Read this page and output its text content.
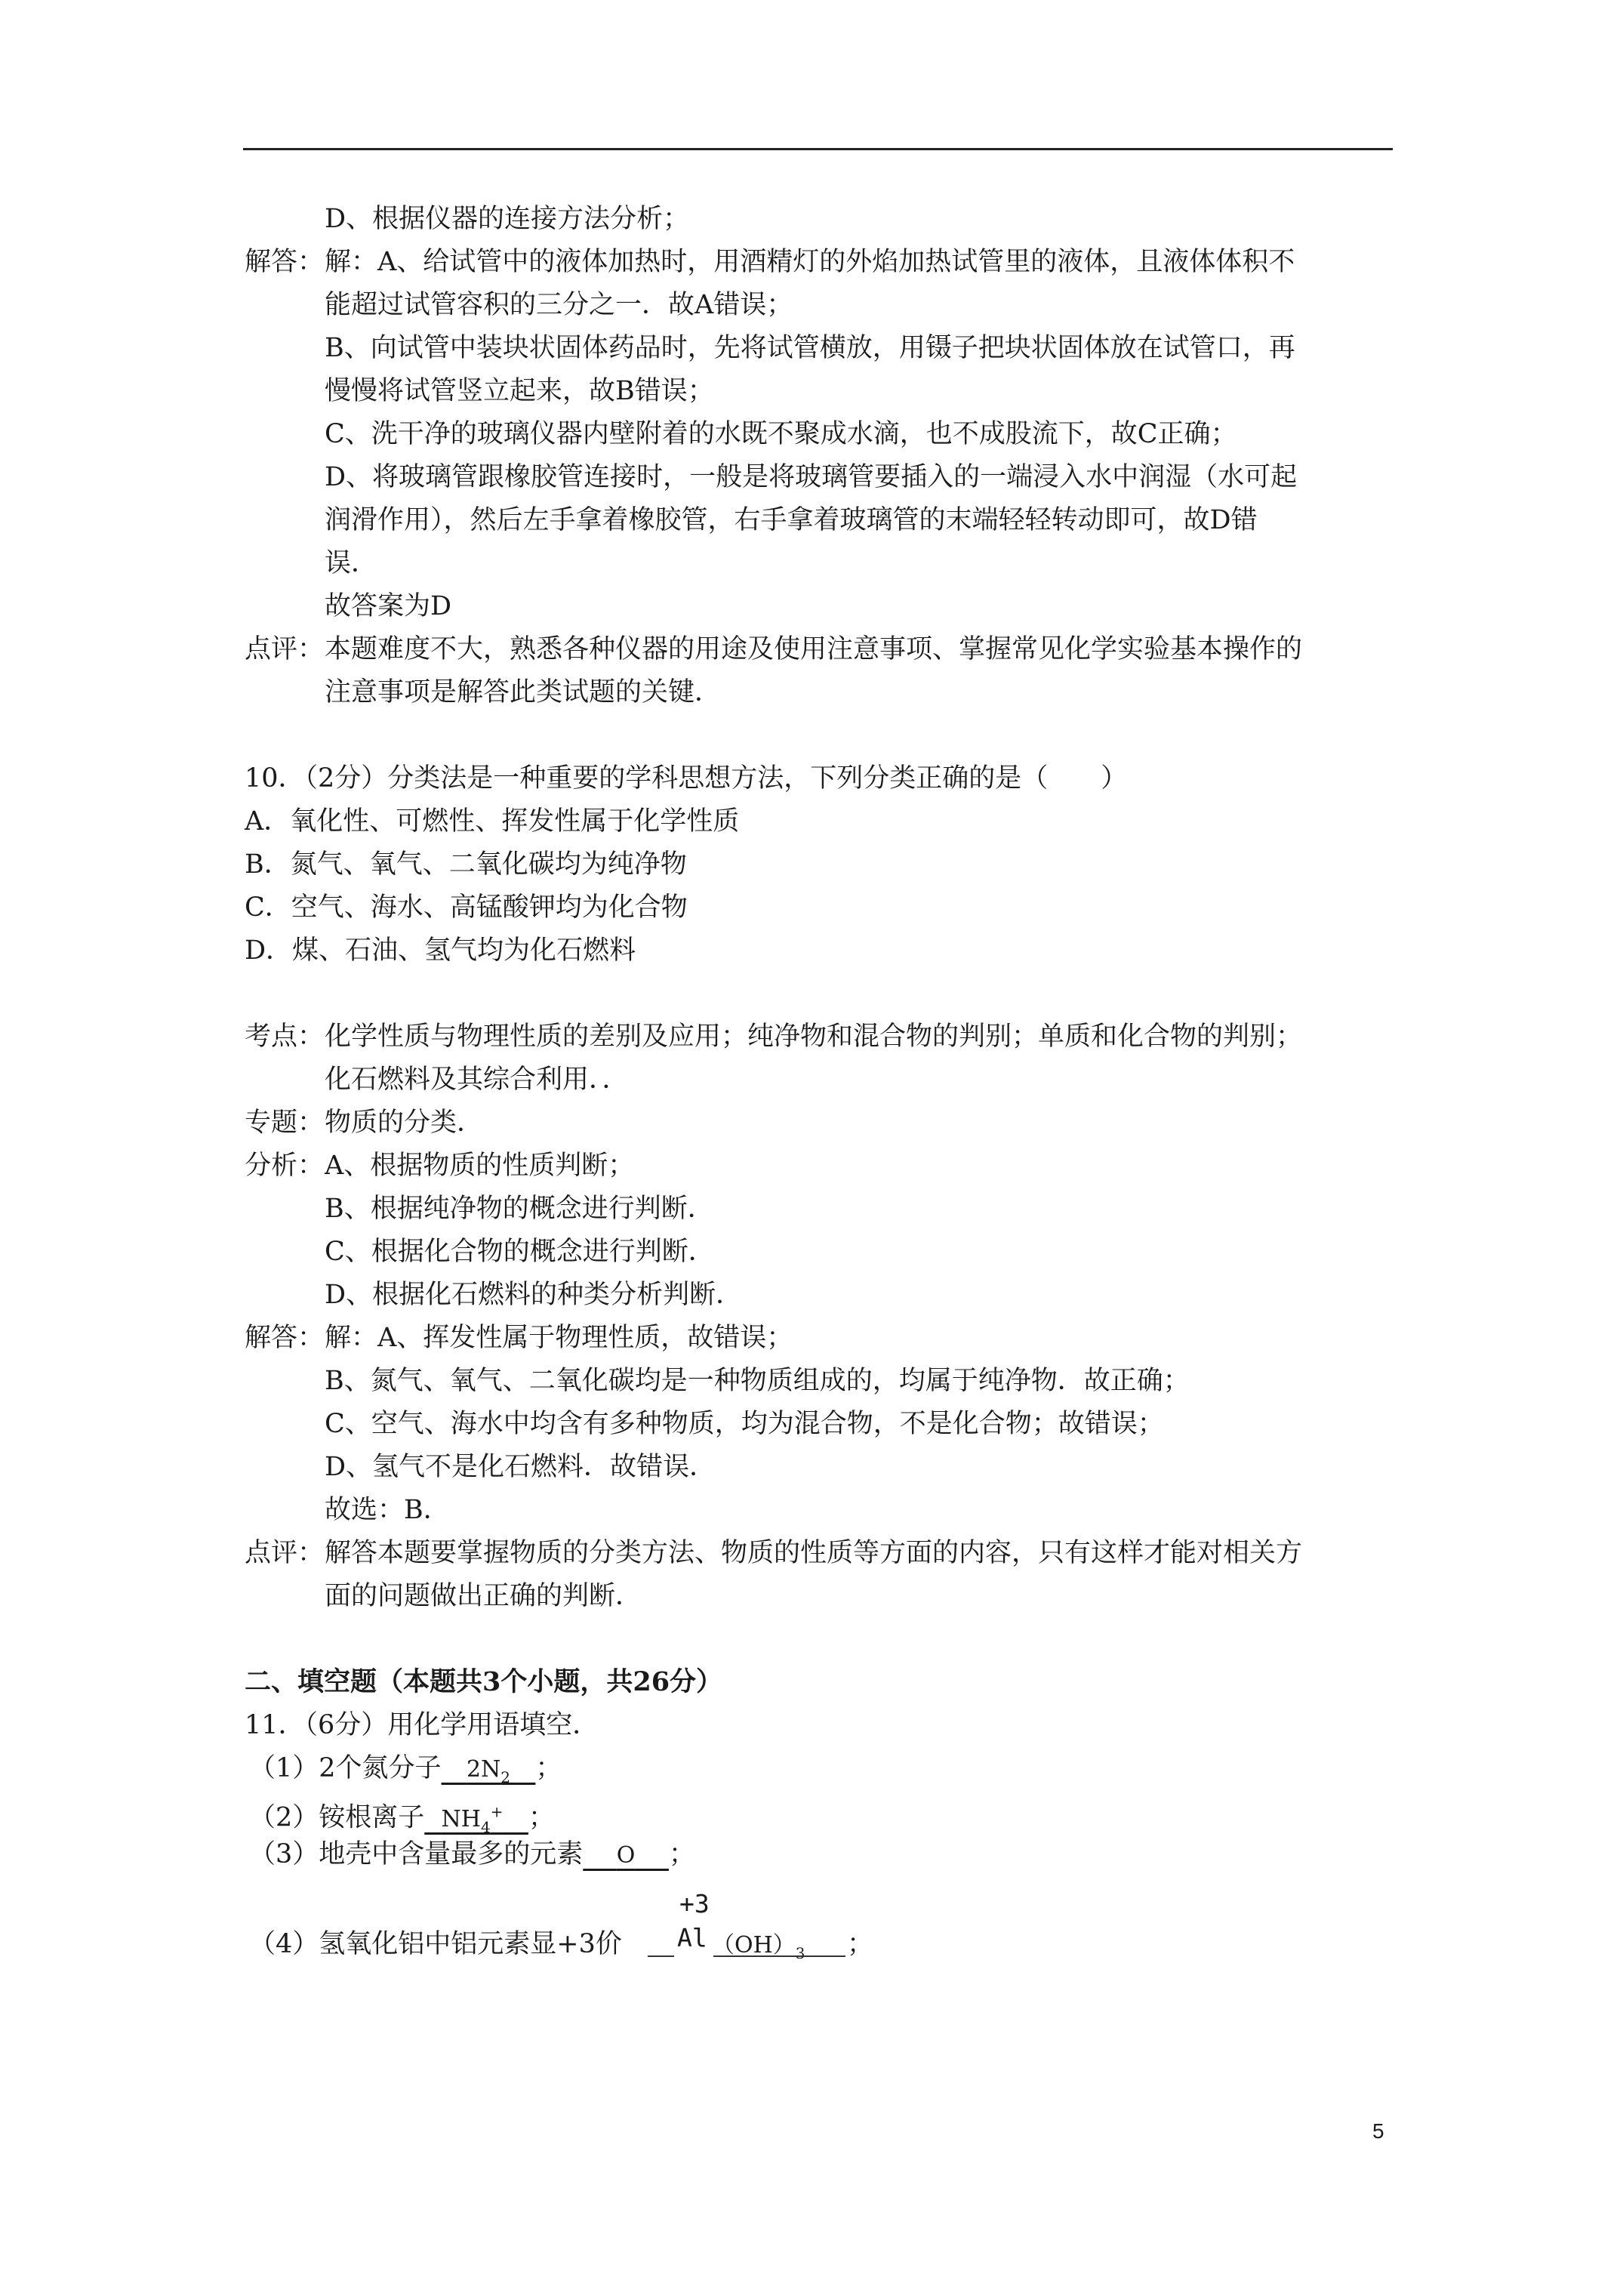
D、根据仪器的连接方法分析；
解答：解：A、给试管中的液体加热时，用酒精灯的外焰加热试管里的液体，且液体体积不
能超过试管容积的三分之一．故A错误；
B、向试管中装块状固体药品时，先将试管横放，用镊子把块状固体放在试管口，再
慢慢将试管竖立起来，故B错误；
C、洗干净的玻璃仪器内壁附着的水既不聚成水滴，也不成股流下，故C正确；
D、将玻璃管跟橡胶管连接时，一般是将玻璃管要插入的一端浸入水中润湿（水可起
润滑作用），然后左手拿着橡胶管，右手拿着玻璃管的末端轻轻转动即可，故D错
误．
故答案为D
点评：本题难度不大，熟悉各种仪器的用途及使用注意事项、掌握常见化学实验基本操作的
注意事项是解答此类试题的关键．
10．（2分）分类法是一种重要的学科思想方法，下列分类正确的是（　　）
A．氧化性、可燃性、挥发性属于化学性质
B．氮气、氧气、二氧化碳均为纯净物
C．空气、海水、高锰酸钾均为化合物
D．煤、石油、氢气均为化石燃料
考点：化学性质与物理性质的差别及应用；纯净物和混合物的判别；单质和化合物的判别；
化石燃料及其综合利用．．
专题：物质的分类．
分析：A、根据物质的性质判断；
B、根据纯净物的概念进行判断．
C、根据化合物的概念进行判断．
D、根据化石燃料的种类分析判断．
解答：解：A、挥发性属于物理性质，故错误；
B、氮气、氧气、二氧化碳均是一种物质组成的，均属于纯净物．故正确；
C、空气、海水中均含有多种物质，均为混合物，不是化合物；故错误；
D、氢气不是化石燃料．故错误．
故选：B．
点评：解答本题要掌握物质的分类方法、物质的性质等方面的内容，只有这样才能对相关方
面的问题做出正确的判断．
二、填空题（本题共3个小题，共26分）
11．（6分）用化学用语填空．
（1）2个氮分子 $2N_2$ ；
（2）铵根离子 $NH_4^+$ ；
（3）地壳中含量最多的元素 O ；
（4）氢氧化铝中铝元素显+3价
+3
Al $(OH)_3$ ；
5
